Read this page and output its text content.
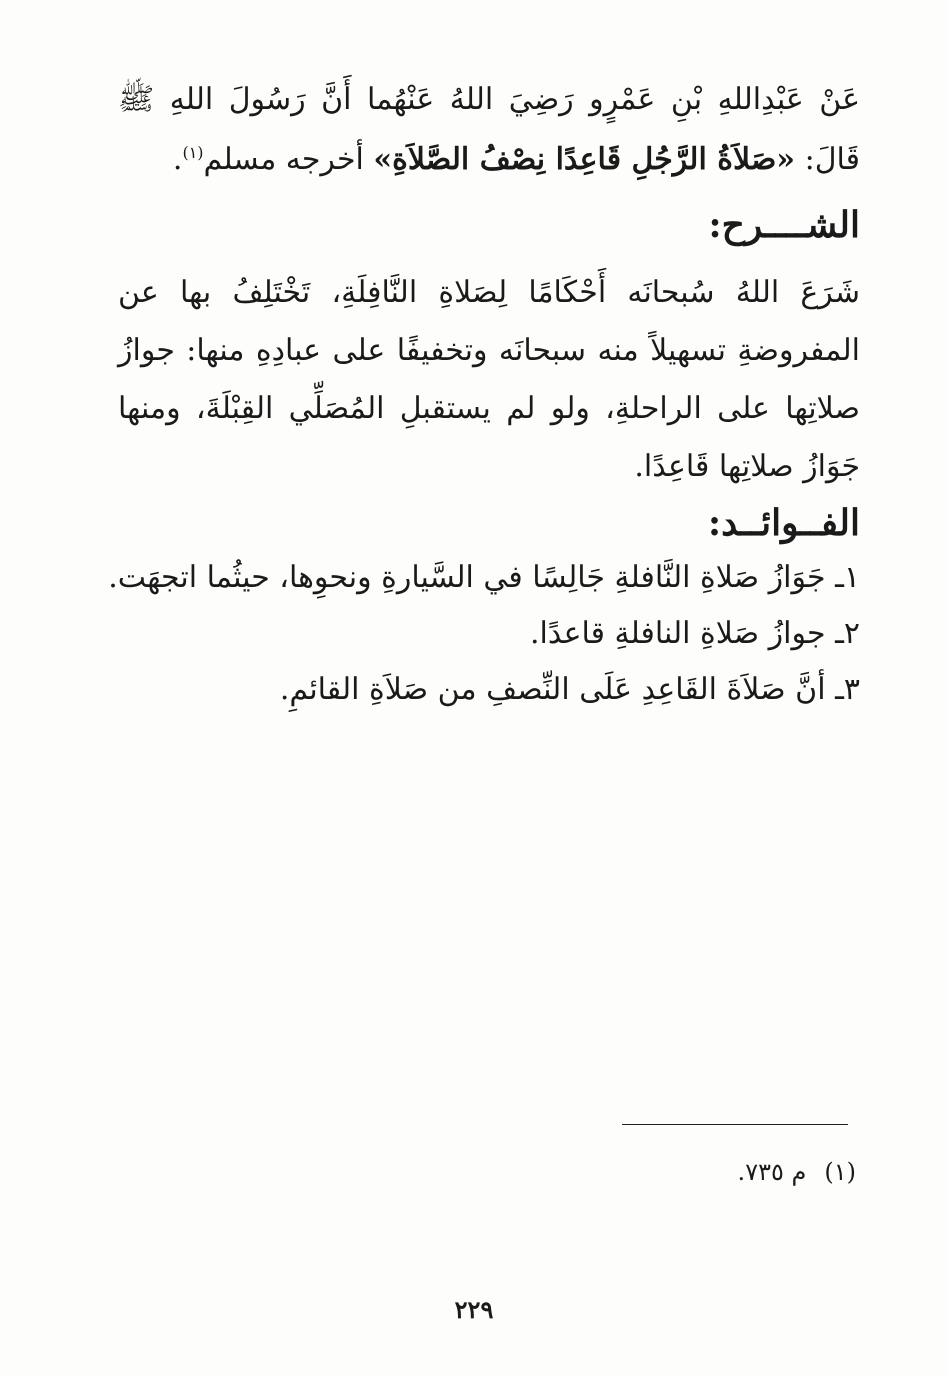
عَنْ عَبْدِاللهِ بْنِ عَمْرٍو رَضِيَ اللهُ عَنْهُما أَنَّ رَسُولَ اللهِ ﷺ قَالَ: «صَلاَةُ الرَّجُلِ قَاعِدًا نِصْفُ الصَّلاَةِ» أخرجه مسلم$^{(١)}$.
الشــــرح:
شَرَعَ اللهُ سُبحانَه أَحْكَامًا لِصَلاةِ النَّافِلَةِ، تَخْتَلِفُ بها عن المفروضةِ تسهيلاً منه سبحانَه وتخفيفًا على عبادِهِ منها: جوازُ صلاتِها على الراحلةِ، ولو لم يستقبلِ المُصَلِّي القِبْلَةَ، ومنها جَوَازُ صلاتِها قَاعِدًا.
الفــوائــد:
١ـ جَوَازُ صَلاةِ النَّافلةِ جَالِسًا في السَّيارةِ ونحوِها، حيثُما اتجهَت.
٢ـ جوازُ صَلاةِ النافلةِ قاعدًا.
٣ـ أنَّ صَلاَةَ القَاعِدِ عَلَى النِّصفِ من صَلاَةِ القائمِ.
(١)م ٧٣٥.
٢٢٩
